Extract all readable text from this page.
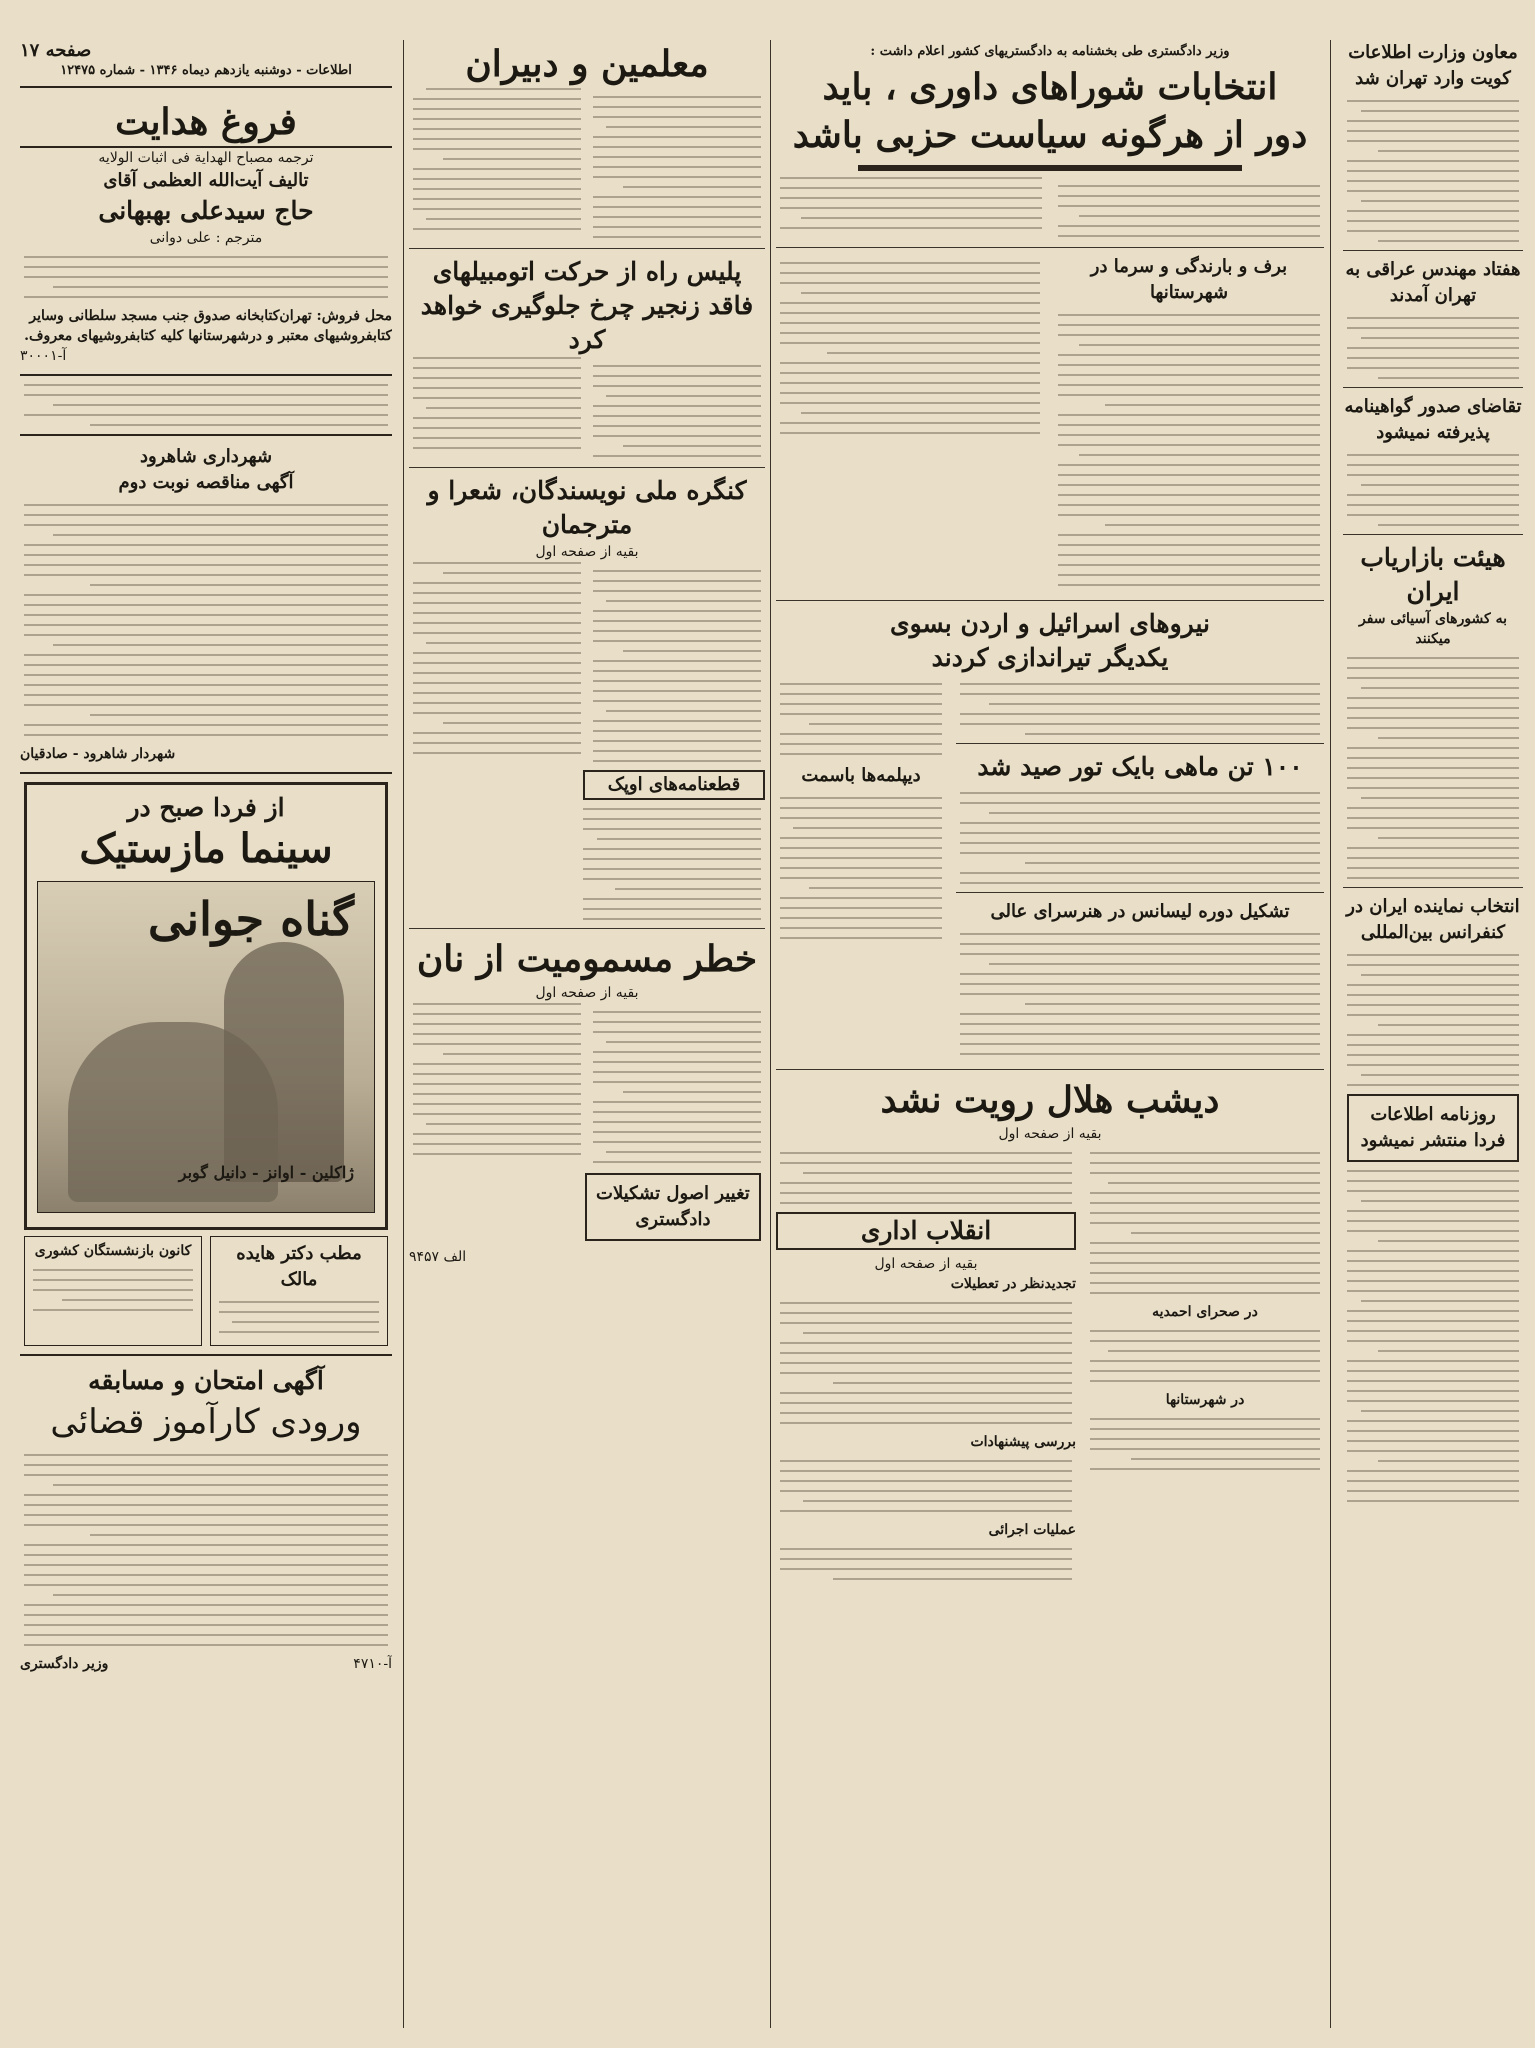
صفحه ۱۷
اطلاعات - دوشنبه یازدهم دیماه ۱۳۴۶ - شماره ۱۲۴۷۵
معاون وزارت اطلاعات کویت وارد تهران شد
هفتاد مهندس عراقی به تهران آمدند
تقاضای صدور گواهینامه پذیرفته نمیشود
هیئت بازاریاب ایران
به کشورهای آسیائی سفر میکنند
انتخاب نماینده ایران در کنفرانس بین‌المللی
روزنامه اطلاعات فردا منتشر نمیشود
وزیر دادگستری طی بخشنامه به دادگستریهای کشور اعلام داشت :
انتخابات شوراهای داوری ، باید
دور از هرگونه سیاست حزبی باشد
برف و بارندگی و سرما در شهرستانها
نیروهای اسرائیل و اردن بسوی
یکدیگر تیراندازی کردند
۱۰۰ تن ماهی بایک تور صید شد
تشکیل دوره لیسانس در هنرسرای عالی
دیپلمه‌ها باسمت
دیشب هلال رویت نشد
بقیه از صفحه اول
در صحرای احمدیه
در شهرستانها
انقلاب اداری
بقیه از صفحه اول
تجدیدنظر در تعطیلات
بررسی پیشنهادات
عملیات اجرائی
معلمین و دبیران
پلیس راه از حرکت اتومبیلهای فاقد زنجیر چرخ جلوگیری خواهد کرد
کنگره ملی نویسندگان، شعرا و مترجمان
بقیه از صفحه اول
قطعنامه‌های اوپک
خطر مسمومیت از نان
بقیه از صفحه اول
تغییر اصول تشکیلات دادگستری
الف ۹۴۵۷
فروغ هدایت
ترجمه مصباح الهدایة فی اثبات الولایه
تالیف آیت‌الله العظمی آقای
حاج سیدعلی بهبهانی
مترجم : علی دوانی
محل فروش: تهران‌کتابخانه صدوق جنب مسجد سلطانی وسایر کتابفروشیهای معتبر و درشهرستانها کلیه کتابفروشیهای معروف.
آ-۳۰۰۰۱
شهرداری شاهرود
آگهی مناقصه نوبت دوم
شهردار شاهرود - صادقیان
از فردا صبح در
سینما مازستیک
گناه جوانی
ژاکلین - اوانز - دانیل گوبر
مطب دکتر هایده مالک
کانون بازنشستگان کشوری
آگهی امتحان و مسابقه
ورودی کارآموز قضائی
آ-۴۷۱۰
وزیر دادگستری
